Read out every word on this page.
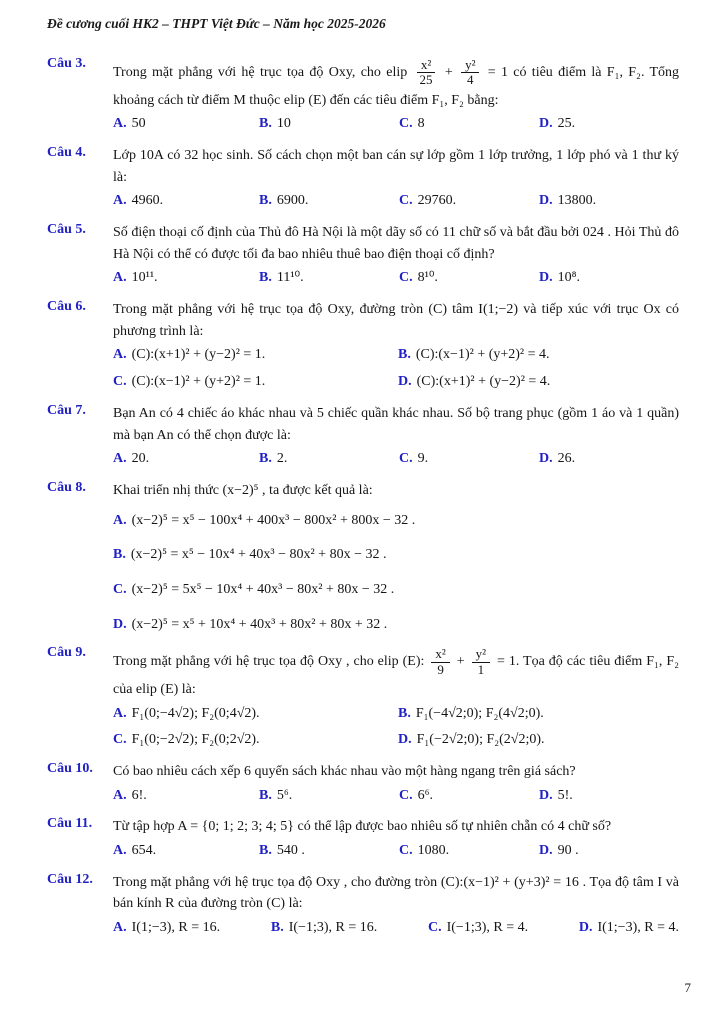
Đề cương cuối HK2 – THPT Việt Đức – Năm học 2025-2026
Câu 3.
Trong mặt phẳng với hệ trục tọa độ Oxy, cho elip $\frac{\text{x²}}{25} + \frac{\text{y²}}{4} = 1$ có tiêu điểm là F₁, F₂. Tổng khoảng cách từ điểm M thuộc elip (E) đến các tiêu điểm F₁, F₂ bằng:
A. 50	B. 10	C. 8	D. 25.
Câu 4.	Lớp 10A có 32 học sinh. Số cách chọn một ban cán sự lớp gồm 1 lớp trưởng, 1 lớp phó và 1 thư ký là:
A. 4960.	B. 6900.	C. 29760.	D. 13800.
Câu 5.	Số điện thoại cố định của Thủ đô Hà Nội là một dãy số có 11 chữ số và bắt đầu bởi 024 . Hỏi Thủ đô Hà Nội có thể có được tối đa bao nhiêu thuê bao điện thoại cố định?
A. 10¹¹.	B. 11¹⁰.	C. 8¹⁰.	D. 10⁸.
Câu 6.	Trong mặt phẳng với hệ trục tọa độ Oxy, đường tròn (C) tâm I(1;−2) và tiếp xúc với trục Ox có phương trình là:
A. (C):(x+1)² + (y−2)² = 1.	B. (C):(x−1)² + (y+2)² = 4.
C. (C):(x−1)² + (y+2)² = 1.	D. (C):(x+1)² + (y−2)² = 4.
Câu 7.	Bạn An có 4 chiếc áo khác nhau và 5 chiếc quần khác nhau. Số bộ trang phục (gồm 1 áo và 1 quần) mà bạn An có thể chọn được là:
A. 20.	B. 2.	C. 9.	D. 26.
Câu 8.	Khai triển nhị thức (x−2)⁵ , ta được kết quả là:
A. (x−2)⁵ = x⁵ − 100x⁴ + 400x³ − 800x² + 800x − 32 .
B. (x−2)⁵ = x⁵ − 10x⁴ + 40x³ − 80x² + 80x − 32 .
C. (x−2)⁵ = 5x⁵ − 10x⁴ + 40x³ − 80x² + 80x − 32 .
D. (x−2)⁵ = x⁵ + 10x⁴ + 40x³ + 80x² + 80x + 32 .
Câu 9.
Trong mặt phẳng với hệ trục tọa độ Oxy , cho elip (E): $\frac{\text{x²}}{9} + \frac{\text{y²}}{1} = 1$. Tọa độ các tiêu điểm F₁, F₂ của elip (E) là:
A. F₁(0;−4√2); F₂(0;4√2).	B. F₁(−4√2;0); F₂(4√2;0).
C. F₁(0;−2√2); F₂(0;2√2).	D. F₁(−2√2;0); F₂(2√2;0).
Câu 10.	Có bao nhiêu cách xếp 6 quyển sách khác nhau vào một hàng ngang trên giá sách?
A. 6!.	B. 5⁶.	C. 6⁶.	D. 5!.
Câu 11.	Từ tập hợp A = {0; 1; 2; 3; 4; 5} có thể lập được bao nhiêu số tự nhiên chẵn có 4 chữ số?
A. 654.	B. 540 .	C. 1080.	D. 90 .
Câu 12.	Trong mặt phẳng với hệ trục tọa độ Oxy , cho đường tròn (C):(x−1)² + (y+3)² = 16 . Tọa độ tâm I và bán kính R của đường tròn (C) là:
A. I(1;−3), R = 16.	B. I(−1;3), R = 16.	C. I(−1;3), R = 4.	D. I(1;−3), R = 4.
7
